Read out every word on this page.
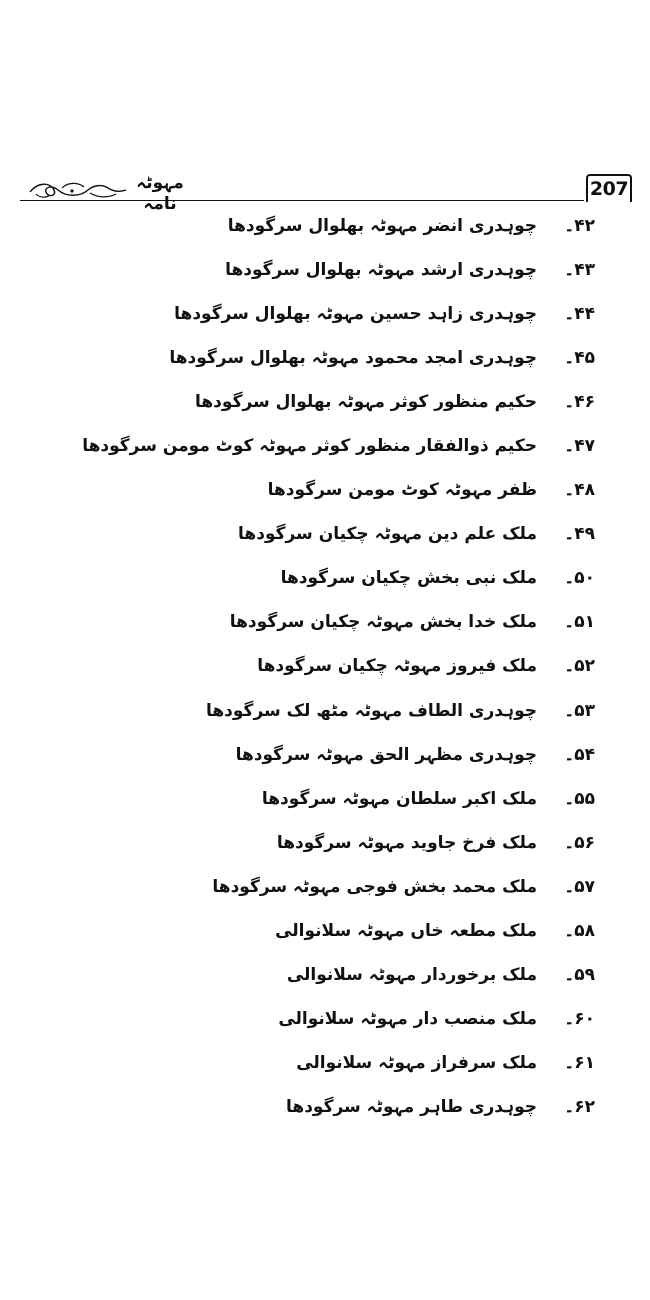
مہوٹہ نامہ
207
۴۲۔
چوہدری انضر مہوٹہ بھلوال سرگودھا
۴۳۔
چوہدری ارشد مہوٹہ بھلوال سرگودھا
۴۴۔
چوہدری زاہد حسین مہوٹہ بھلوال سرگودھا
۴۵۔
چوہدری امجد محمود مہوٹہ بھلوال سرگودھا
۴۶۔
حکیم منظور کوثر مہوٹہ بھلوال سرگودھا
۴۷۔
حکیم ذوالفقار منظور کوثر مہوٹہ کوٹ مومن سرگودھا
۴۸۔
ظفر مہوٹہ کوٹ مومن سرگودھا
۴۹۔
ملک علم دین مہوٹہ چکیان سرگودھا
۵۰۔
ملک نبی بخش چکیان سرگودھا
۵۱۔
ملک خدا بخش مہوٹہ چکیان سرگودھا
۵۲۔
ملک فیروز مہوٹہ چکیان سرگودھا
۵۳۔
چوہدری الطاف مہوٹہ مٹھ لک سرگودھا
۵۴۔
چوہدری مظہر الحق مہوٹہ سرگودھا
۵۵۔
ملک اکبر سلطان مہوٹہ سرگودھا
۵۶۔
ملک فرخ جاوید مہوٹہ سرگودھا
۵۷۔
ملک محمد بخش فوجی مہوٹہ سرگودھا
۵۸۔
ملک مطعہ خاں مہوٹہ سلانوالی
۵۹۔
ملک برخوردار مہوٹہ سلانوالی
۶۰۔
ملک منصب دار مہوٹہ سلانوالی
۶۱۔
ملک سرفراز مہوٹہ سلانوالی
۶۲۔
چوہدری طاہر مہوٹہ سرگودھا
